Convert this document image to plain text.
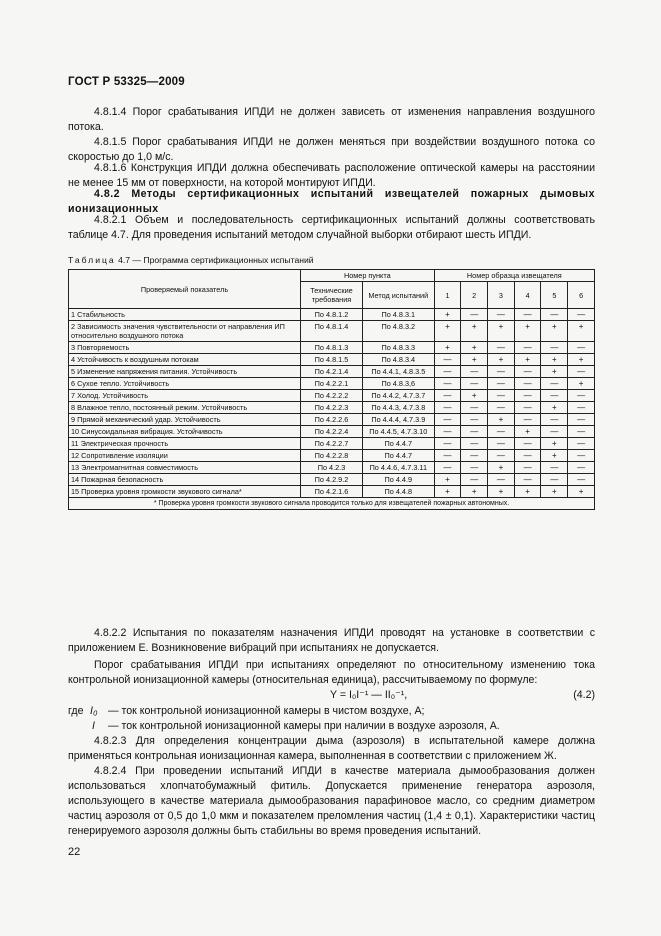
ГОСТ Р 53325—2009
4.8.1.4 Порог срабатывания ИПДИ не должен зависеть от изменения направления воздушного потока.
4.8.1.5 Порог срабатывания ИПДИ не должен меняться при воздействии воздушного потока со скоростью до 1,0 м/с.
4.8.1.6 Конструкция ИПДИ должна обеспечивать расположение оптической камеры на расстоянии не менее 15 мм от поверхности, на которой монтируют ИПДИ.
4.8.2 Методы сертификационных испытаний извещателей пожарных дымовых ионизационных
4.8.2.1 Объем и последовательность сертификационных испытаний должны соответствовать таблице 4.7. Для проведения испытаний методом случайной выборки отбирают шесть ИПДИ.
Таблица 4.7 — Программа сертификационных испытаний
Проверяемый показатель	Номер пункта		Номер образца извещателя					
	Технические требования	Метод испытаний	1	2	3	4	5	6
1 Стабильность	По 4.8.1.2	По 4.8.3.1	+	—	—	—	—	—
2 Зависимость значения чувствительности от направления ИП относительно воздушного потока	По 4.8.1.4	По 4.8.3.2	+	+	+	+	+	+
3 Повторяемость	По 4.8.1.3	По 4.8.3.3	+	+	—	—	—	—
4 Устойчивость к воздушным потокам	По 4.8.1.5	По 4.8.3.4	—	+	+	+	+	+
5 Изменение напряжения питания. Устойчивость	По 4.2.1.4	По 4.4.1, 4.8.3.5	—	—	—	—	+	—
6 Сухое тепло. Устойчивость	По 4.2.2.1	По 4.8.3,6	—	—	—	—	—	+
7 Холод. Устойчивость	По 4.2.2.2	По 4.4.2, 4.7.3.7	—	+	—	—	—	—
8 Влажное тепло, постоянный режим. Устойчивость	По 4.2.2.3	По 4.4.3, 4.7.3.8	—	—	—	—	+	—
9 Прямой механический удар. Устойчивость	По 4.2.2.6	По 4.4.4, 4.7.3.9	—	—	+	—	—	—
10 Синусоидальная вибрация. Устойчивость	По 4.2.2.4	По 4.4.5, 4.7.3.10	—	—	—	+	—	—
11 Электрическая прочность	По 4.2.2.7	По 4.4.7	—	—	—	—	+	—
12 Сопротивление изоляции	По 4.2.2.8	По 4.4.7	—	—	—	—	+	—
13 Электромагнитная совместимость	По 4.2.3	По 4.4.6, 4.7.3.11	—	—	+	—	—	—
14 Пожарная безопасность	По 4.2.9.2	По 4.4.9	+	—	—	—	—	—
15 Проверка уровня громкости звукового сигнала*	По 4.2.1.6	По 4.4.8	+	+	+	+	+	+
* Проверка уровня громкости звукового сигнала проводится только для извещателей пожарных автономных.								
4.8.2.2 Испытания по показателям назначения ИПДИ проводят на установке в соответствии с приложением Е. Возникновение вибраций при испытаниях не допускается.
Порог срабатывания ИПДИ при испытаниях определяют по относительному изменению тока контрольной ионизационной камеры (относительная единица), рассчитываемому по формуле:
Y = I₀I⁻¹ — II₀⁻¹,	(4.2)
где I₀ — ток контрольной ионизационной камеры в чистом воздухе, А;
I — ток контрольной ионизационной камеры при наличии в воздухе аэрозоля, А.
4.8.2.3 Для определения концентрации дыма (аэрозоля) в испытательной камере должна применяться контрольная ионизационная камера, выполненная в соответствии с приложением Ж.
4.8.2.4 При проведении испытаний ИПДИ в качестве материала дымообразования должен использоваться хлопчатобумажный фитиль. Допускается применение генератора аэрозоля, использующего в качестве материала дымообразования парафиновое масло, со средним диаметром частиц аэрозоля от 0,5 до 1,0 мкм и показателем преломления частиц (1,4 ± 0,1). Характеристики частиц генерируемого аэрозоля должны быть стабильны во время проведения испытаний.
22
